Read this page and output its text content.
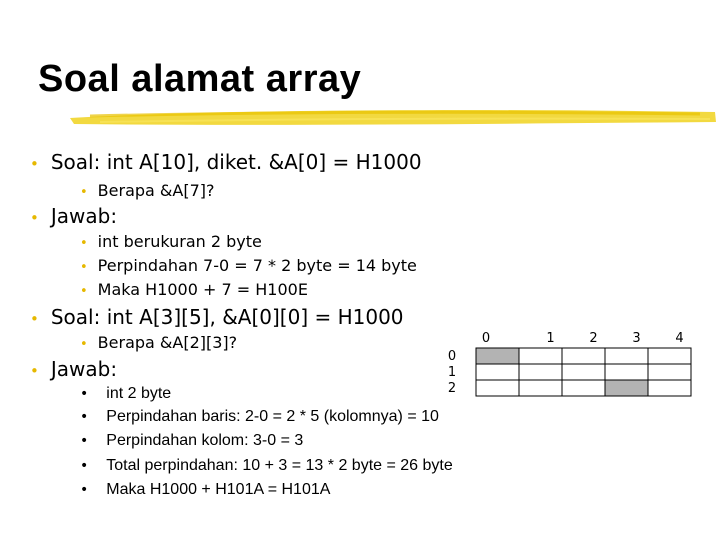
Soal alamat array
• Soal: int A[10], diket. &A[0] = H1000
• Berapa &A[7]?
• Jawab:
• int berukuran 2 byte
• Perpindahan 7-0 = 7 * 2 byte = 14 byte
• Maka H1000 + 7 = H100E
• Soal: int A[3][5], &A[0][0] = H1000
• Berapa &A[2][3]?
• Jawab:
• int 2 byte
• Perpindahan baris: 2-0 = 2 * 5 (kolomnya) = 10
• Perpindahan kolom: 3-0 = 3
• Total perpindahan: 10 + 3 = 13 * 2 byte = 26 byte
• Maka H1000 + H101A = H101A
0	1	2	3	4
0
1
2
